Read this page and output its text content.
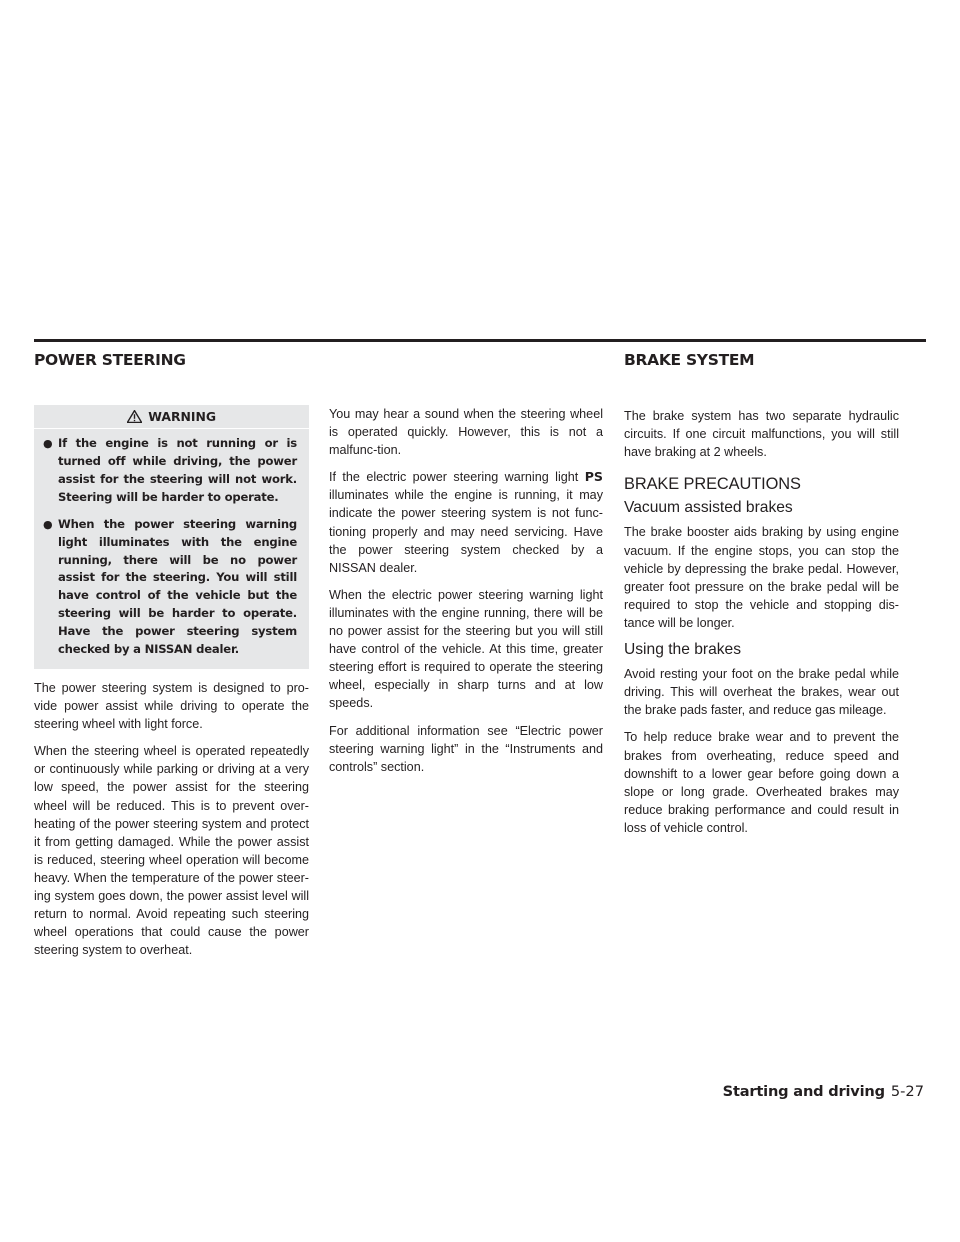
POWER STEERING	BRAKE SYSTEM
WARNING
● If the engine is not running or is turned off while driving, the power assist for the steering will not work. Steering will be harder to operate.
● When the power steering warning light illuminates with the engine running, there will be no power assist for the steering. You will still have control of the vehicle but the steering will be harder to operate. Have the power steering system checked by a NISSAN dealer.

The power steering system is designed to pro-vide power assist while driving to operate the steering wheel with light force.

When the steering wheel is operated repeatedly or continuously while parking or driving at a very low speed, the power assist for the steering wheel will be reduced. This is to prevent over-heating of the power steering system and protect it from getting damaged. While the power assist is reduced, steering wheel operation will become heavy. When the temperature of the power steer-ing system goes down, the power assist level will return to normal. Avoid repeating such steering wheel operations that could cause the power steering system to overheat.

You may hear a sound when the steering wheel is operated quickly. However, this is not a malfunc-tion.

If the electric power steering warning light PS illuminates while the engine is running, it may indicate the power steering system is not func-tioning properly and may need servicing. Have the power steering system checked by a NISSAN dealer.

When the electric power steering warning light illuminates with the engine running, there will be no power assist for the steering but you will still have control of the vehicle. At this time, greater steering effort is required to operate the steering wheel, especially in sharp turns and at low speeds.

For additional information see “Electric power steering warning light” in the “Instruments and controls” section.

The brake system has two separate hydraulic circuits. If one circuit malfunctions, you will still have braking at 2 wheels.

BRAKE PRECAUTIONS
Vacuum assisted brakes

The brake booster aids braking by using engine vacuum. If the engine stops, you can stop the vehicle by depressing the brake pedal. However, greater foot pressure on the brake pedal will be required to stop the vehicle and stopping dis-tance will be longer.

Using the brakes

Avoid resting your foot on the brake pedal while driving. This will overheat the brakes, wear out the brake pads faster, and reduce gas mileage.

To help reduce brake wear and to prevent the brakes from overheating, reduce speed and downshift to a lower gear before going down a slope or long grade. Overheated brakes may reduce braking performance and could result in loss of vehicle control.

Starting and driving 5-27
